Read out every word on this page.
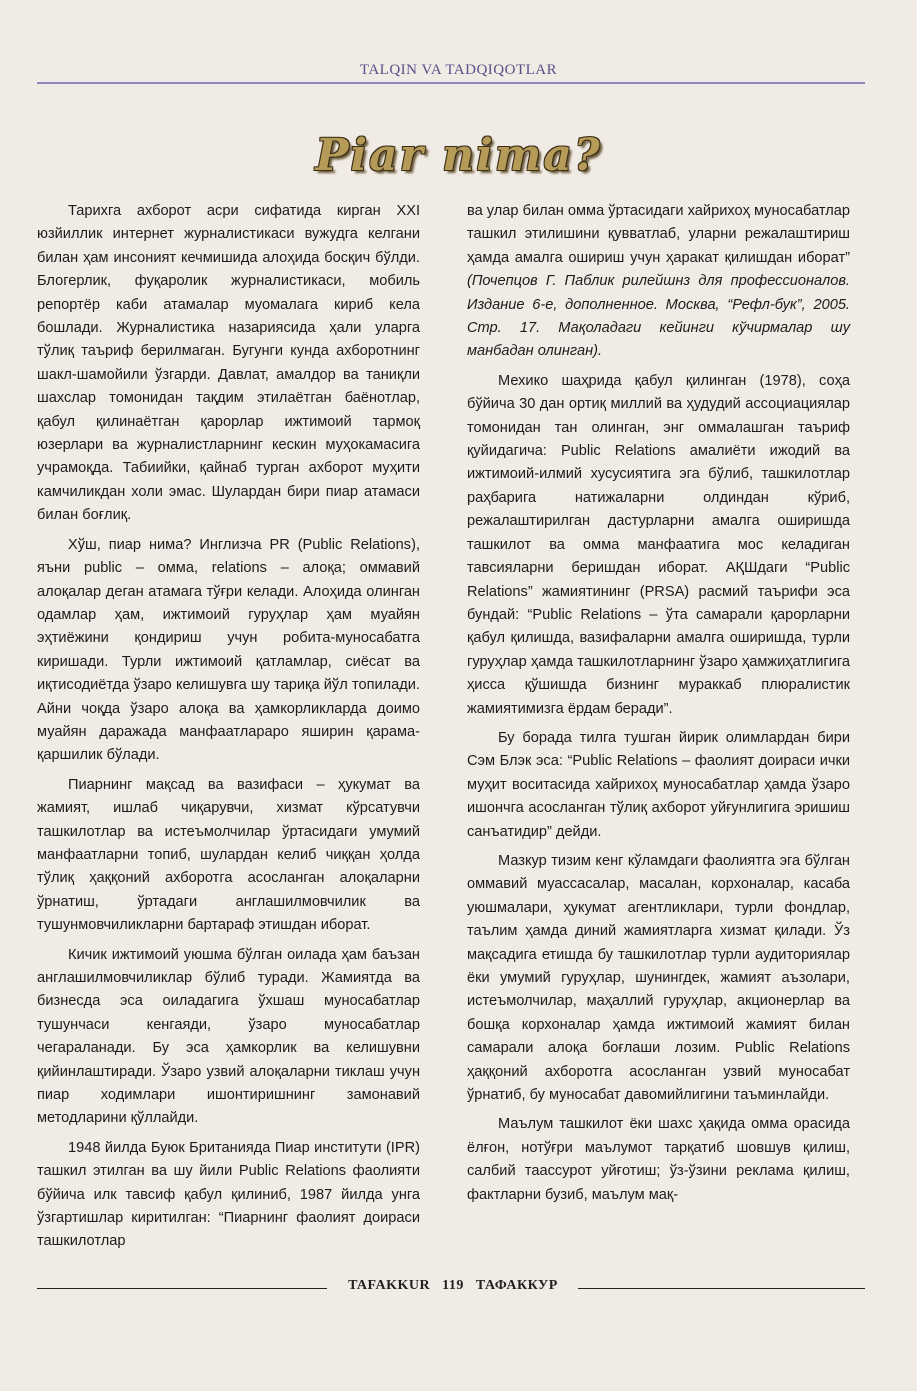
TALQIN VA TADQIQOTLAR
Piar nima?

Тарихга ахборот асри сифатида кирган XXI юзйиллик интернет журналистикаси вужудга келгани билан ҳам инсоният кечмишида алоҳида босқич бўлди. Блогерлик, фуқаролик журналистикаси, мобиль репортёр каби атамалар муомалага кириб кела бошлади. Журналистика назариясида ҳали уларга тўлиқ таъриф берилмаган. Бугунги кунда ахборотнинг шакл-шамойили ўзгарди. Давлат, амалдор ва таниқли шахслар томонидан тақдим этилаётган баёнотлар, қабул қилинаётган қарорлар ижтимоий тармоқ юзерлари ва журналистларнинг кескин муҳокамасига учрамоқда. Табиийки, қайнаб турган ахборот муҳити камчиликдан холи эмас. Шулардан бири пиар атамаси билан боғлиқ.

Хўш, пиар нима? Инглизча PR (Public Relations), яъни public – омма, relations – алоқа; оммавий алоқалар деган атамага тўғри келади. Алоҳида олинган одамлар ҳам, ижтимоий гуруҳлар ҳам муайян эҳтиёжини қондириш учун робита-муносабатга киришади. Турли ижтимоий қатламлар, сиёсат ва иқтисодиётда ўзаро келишувга шу тариқа йўл топилади. Айни чоқда ўзаро алоқа ва ҳамкорликларда доимо муайян даражада манфаатлараро яширин қарама-қаршилик бўлади.

Пиарнинг мақсад ва вазифаси – ҳукумат ва жамият, ишлаб чиқарувчи, хизмат кўрсатувчи ташкилотлар ва истеъмолчилар ўртасидаги умумий манфаатларни топиб, шулардан келиб чиққан ҳолда тўлиқ ҳаққоний ахборотга асосланган алоқаларни ўрнатиш, ўртадаги англашилмовчилик ва тушунмовчиликларни бартараф этишдан иборат.

Кичик ижтимоий уюшма бўлган оилада ҳам баъзан англашилмовчиликлар бўлиб туради. Жамиятда ва бизнесда эса оиладагига ўхшаш муносабатлар тушунчаси кенгаяди, ўзаро муносабатлар чегараланади. Бу эса ҳамкорлик ва келишувни қийинлаштиради. Ўзаро узвий алоқаларни тиклаш учун пиар ходимлари ишонтиришнинг замонавий методларини қўллайди.

1948 йилда Буюк Британияда Пиар институти (IPR) ташкил этилган ва шу йили Public Relations фаолияти бўйича илк тавсиф қабул қилиниб, 1987 йилда унга ўзгартишлар киритилган: “Пиарнинг фаолият доираси ташкилотлар

ва улар билан омма ўртасидаги хайрихоҳ муносабатлар ташкил этилишини қувватлаб, уларни режалаштириш ҳамда амалга ошириш учун ҳаракат қилишдан иборат” (Почепцов Г. Паблик рилейшнз для профессионалов. Издание 6-е, дополненное. Москва, “Рефл-бук”, 2005. Стр. 17. Мақоладаги кейинги кўчирмалар шу манбадан олинган).

Мехико шаҳрида қабул қилинган (1978), соҳа бўйича 30 дан ортиқ миллий ва ҳудудий ассоциациялар томонидан тан олинган, энг оммалашган таъриф қуйидагича: Public Relations амалиёти ижодий ва ижтимоий-илмий хусусиятига эга бўлиб, ташкилотлар раҳбарига натижаларни олдиндан кўриб, режалаштирилган дастурларни амалга оширишда ташкилот ва омма манфаатига мос келадиган тавсияларни беришдан иборат. АҚШдаги “Public Relations” жамиятининг (PRSA) расмий таърифи эса бундай: “Public Relations – ўта самарали қарорларни қабул қилишда, вазифаларни амалга оширишда, турли гуруҳлар ҳамда ташкилотларнинг ўзаро ҳамжиҳатлигига ҳисса қўшишда бизнинг мураккаб плюралистик жамиятимизга ёрдам беради”.

Бу борада тилга тушган йирик олимлардан бири Сэм Блэк эса: “Public Relations – фаолият доираси ички муҳит воситасида хайрихоҳ муносабатлар ҳамда ўзаро ишончга асосланган тўлиқ ахборот уйғунлигига эришиш санъатидир” дейди.

Мазкур тизим кенг кўламдаги фаолиятга эга бўлган оммавий муассасалар, масалан, корхоналар, касаба уюшмалари, ҳукумат агентликлари, турли фондлар, таълим ҳамда диний жамиятларга хизмат қилади. Ўз мақсадига етишда бу ташкилотлар турли аудиториялар ёки умумий гуруҳлар, шунингдек, жамият аъзолари, истеъмолчилар, маҳаллий гуруҳлар, акционерлар ва бошқа корхоналар ҳамда ижтимоий жамият билан самарали алоқа боғлаши лозим. Public Relations ҳаққоний ахборотга асосланган узвий муносабат ўрнатиб, бу муносабат давомийлигини таъминлайди.

Маълум ташкилот ёки шахс ҳақида омма орасида ёлғон, нотўғри маълумот тарқатиб шовшув қилиш, салбий таассурот уйғотиш; ўз-ўзини реклама қилиш, фактларни бузиб, маълум мақ-

TAFAKKUR 119 ТАФАККУР
